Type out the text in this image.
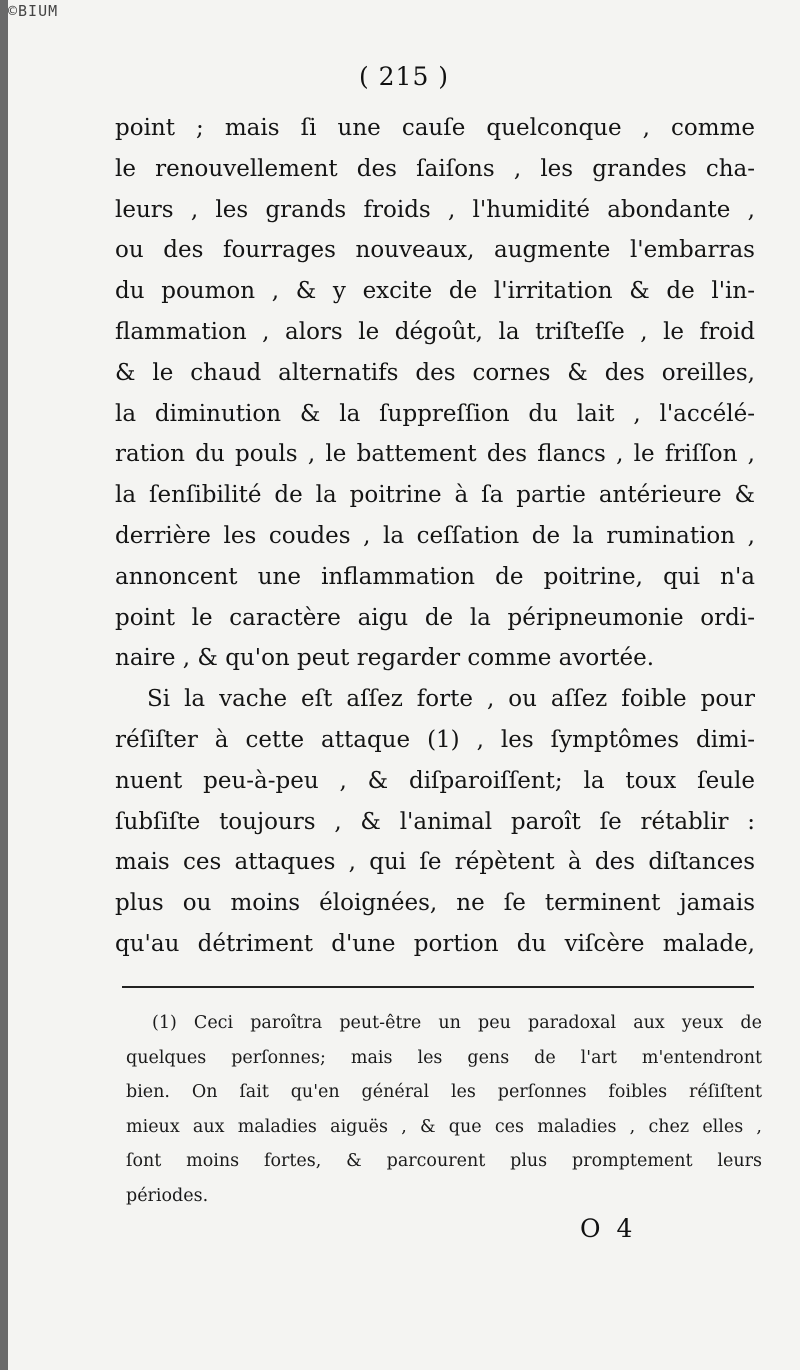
©BIUM
( 215 )
point ; mais ſi une cauſe quelconque , comme
le renouvellement des ſaiſons , les grandes cha-
leurs , les grands froids , l'humidité abondante ,
ou des fourrages nouveaux, augmente l'embarras
du poumon , & y excite de l'irritation & de l'in-
flammation , alors le dégoût, la triſteſſe , le froid
& le chaud alternatifs des cornes & des oreilles,
la diminution & la ſuppreſſion du lait , l'accélé-
ration du pouls , le battement des flancs , le friſſon ,
la ſenſibilité de la poitrine à ſa partie antérieure &
derrière les coudes , la ceſſation de la rumination ,
annoncent une inflammation de poitrine, qui n'a
point le caractère aigu de la péripneumonie ordi-
naire , & qu'on peut regarder comme avortée.
Si la vache eſt aſſez forte , ou aſſez foible pour
réſiſter à cette attaque (1) , les ſymptômes dimi-
nuent peu-à-peu , & diſparoiſſent; la toux ſeule
ſubſiſte toujours , & l'animal paroît ſe rétablir :
mais ces attaques , qui ſe répètent à des diſtances
plus ou moins éloignées, ne ſe terminent jamais
qu'au détriment d'une portion du viſcère malade,
(1) Ceci paroîtra peut-être un peu paradoxal aux yeux de
quelques perſonnes; mais les gens de l'art m'entendront
bien. On ſait qu'en général les perſonnes foibles réſiſtent
mieux aux maladies aiguës , & que ces maladies , chez elles ,
ſont moins fortes, & parcourent plus promptement leurs
périodes.
O 4
